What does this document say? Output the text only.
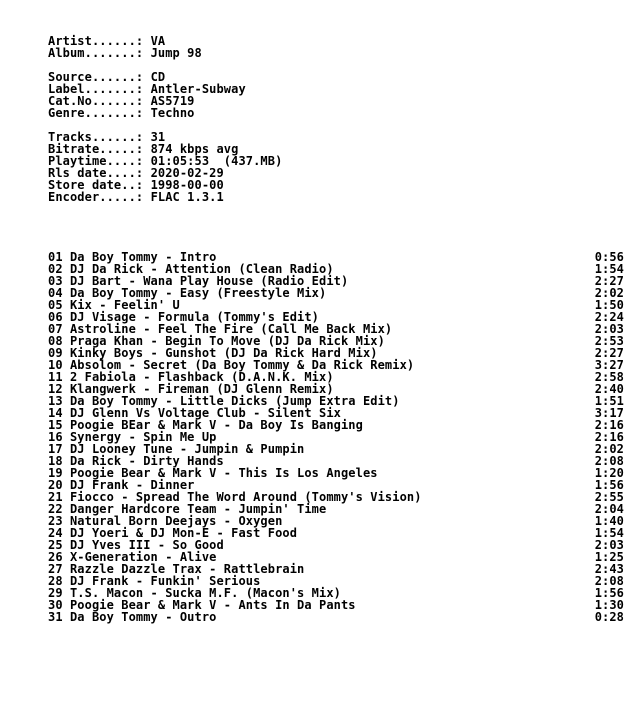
Artist......: VA
Album.......: Jump 98
Source......: CD
Label.......: Antler-Subway
Cat.No......: AS5719
Genre.......: Techno
Tracks......: 31
Bitrate.....: 874 kbps avg
Playtime....: 01:05:53  (437.MB)
Rls date....: 2020-02-29
Store date..: 1998-00-00
Encoder.....: FLAC 1.3.1
01 Da Boy Tommy - Intro	0:56
02 DJ Da Rick - Attention (Clean Radio)	1:54
03 DJ Bart - Wana Play House (Radio Edit)	2:27
04 Da Boy Tommy - Easy (Freestyle Mix)	2:02
05 Kix - Feelin' U	1:50
06 DJ Visage - Formula (Tommy's Edit)	2:24
07 Astroline - Feel The Fire (Call Me Back Mix)	2:03
08 Praga Khan - Begin To Move (DJ Da Rick Mix)	2:53
09 Kinky Boys - Gunshot (DJ Da Rick Hard Mix)	2:27
10 Absolom - Secret (Da Boy Tommy & Da Rick Remix)	3:27
11 2 Fabiola - Flashback (D.A.N.K. Mix)	2:58
12 Klangwerk - Fireman (DJ Glenn Remix)	2:40
13 Da Boy Tommy - Little Dicks (Jump Extra Edit)	1:51
14 DJ Glenn Vs Voltage Club - Silent Six	3:17
15 Poogie BEar & Mark V - Da Boy Is Banging	2:16
16 Synergy - Spin Me Up	2:16
17 DJ Looney Tune - Jumpin & Pumpin	2:02
18 Da Rick - Dirty Hands	2:08
19 Poogie Bear & Mark V - This Is Los Angeles	1:20
20 DJ Frank - Dinner	1:56
21 Fiocco - Spread The Word Around (Tommy's Vision)	2:55
22 Danger Hardcore Team - Jumpin' Time	2:04
23 Natural Born Deejays - Oxygen	1:40
24 DJ Yoeri & DJ Mon-E - Fast Food	1:54
25 DJ Yves III - So Good	2:03
26 X-Generation - Alive	1:25
27 Razzle Dazzle Trax - Rattlebrain	2:43
28 DJ Frank - Funkin' Serious	2:08
29 T.S. Macon - Sucka M.F. (Macon's Mix)	1:56
30 Poogie Bear & Mark V - Ants In Da Pants	1:30
31 Da Boy Tommy - Outro	0:28
